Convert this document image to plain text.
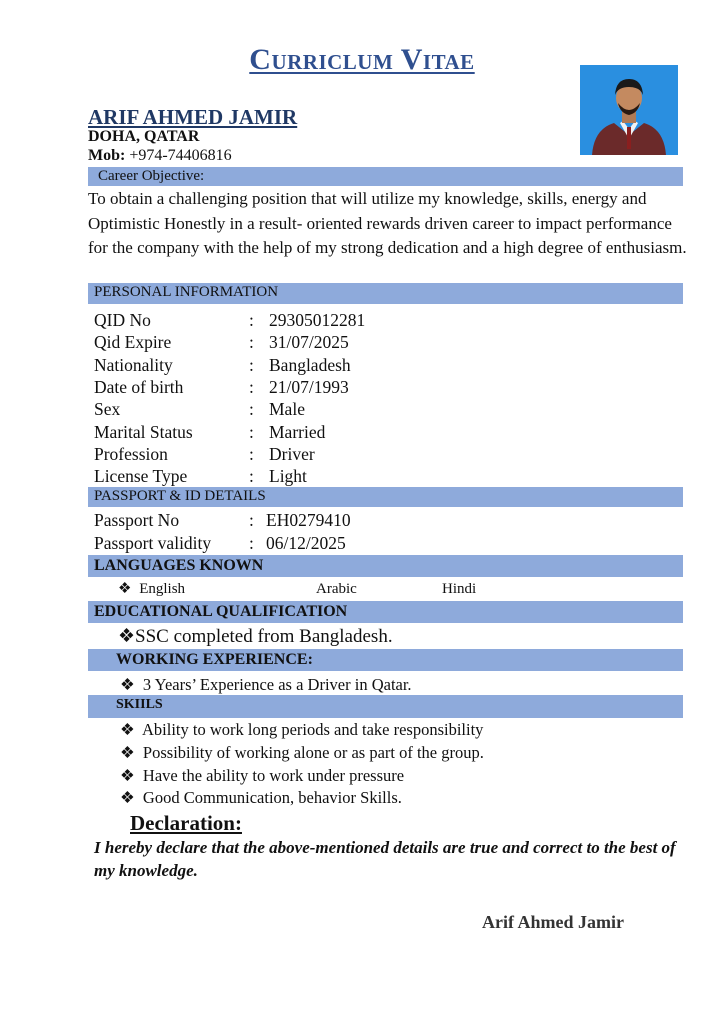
Curriclum Vitae
ARIF AHMED JAMIR
DOHA, QATAR
Mob: +974-74406816
Career Objective:
To obtain a challenging position that will utilize my knowledge, skills, energy and Optimistic Honestly in a result- oriented rewards driven career to impact performance for the company with the help of my strong dedication and a high degree of enthusiasm.
PERSONAL INFORMATION
QID No	: 29305012281
Qid Expire	: 31/07/2025
Nationality	: Bangladesh
Date of birth	: 21/07/1993
Sex	: Male
Marital Status	: Married
Profession	: Driver
License Type	: Light
PASSPORT & ID DETAILS
Passport No	: EH0279410
Passport validity : 06/12/2025
LANGUAGES KNOWN
❖ English	Arabic	Hindi
EDUCATIONAL QUALIFICATION
❖SSC completed from Bangladesh.
WORKING EXPERIENCE:
❖ 3 Years’ Experience as a Driver in Qatar.
SKIILS
❖ Ability to work long periods and take responsibility
❖ Possibility of working alone or as part of the group.
❖ Have the ability to work under pressure
❖ Good Communication, behavior Skills.
Declaration:
I hereby declare that the above-mentioned details are true and correct to the best of my knowledge.
Arif Ahmed Jamir
